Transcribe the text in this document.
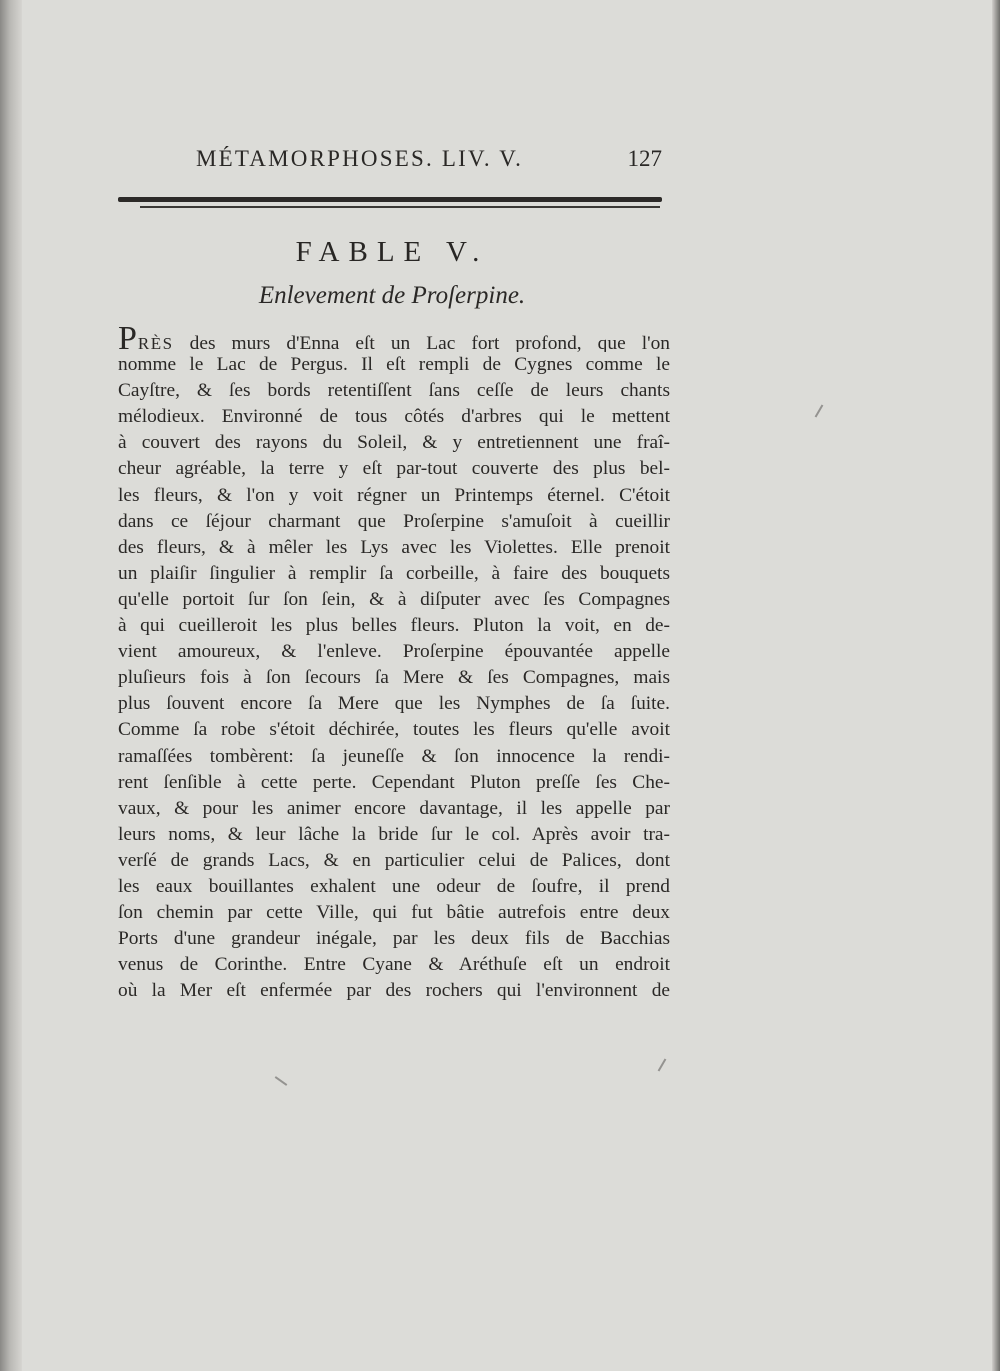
MÉTAMORPHOSES. LIV. V.	127
FABLE V.
Enlevement de Proſerpine.
PRÈS des murs d'Enna eſt un Lac fort profond, que l'on
nomme le Lac de Pergus. Il eſt rempli de Cygnes comme le
Cayſtre, & ſes bords retentiſſent ſans ceſſe de leurs chants
mélodieux. Environné de tous côtés d'arbres qui le mettent
à couvert des rayons du Soleil, & y entretiennent une fraî-
cheur agréable, la terre y eſt par-tout couverte des plus bel-
les fleurs, & l'on y voit régner un Printemps éternel. C'étoit
dans ce ſéjour charmant que Proſerpine s'amuſoit à cueillir
des fleurs, & à mêler les Lys avec les Violettes. Elle prenoit
un plaiſir ſingulier à remplir ſa corbeille, à faire des bouquets
qu'elle portoit ſur ſon ſein, & à diſputer avec ſes Compagnes
à qui cueilleroit les plus belles fleurs. Pluton la voit, en de-
vient amoureux, & l'enleve. Proſerpine épouvantée appelle
pluſieurs fois à ſon ſecours ſa Mere & ſes Compagnes, mais
plus ſouvent encore ſa Mere que les Nymphes de ſa ſuite.
Comme ſa robe s'étoit déchirée, toutes les fleurs qu'elle avoit
ramaſſées tombèrent: ſa jeuneſſe & ſon innocence la rendi-
rent ſenſible à cette perte. Cependant Pluton preſſe ſes Che-
vaux, & pour les animer encore davantage, il les appelle par
leurs noms, & leur lâche la bride ſur le col. Après avoir tra-
verſé de grands Lacs, & en particulier celui de Palices, dont
les eaux bouillantes exhalent une odeur de ſoufre, il prend
ſon chemin par cette Ville, qui fut bâtie autrefois entre deux
Ports d'une grandeur inégale, par les deux fils de Bacchias
venus de Corinthe. Entre Cyane & Aréthuſe eſt un endroit
où la Mer eſt enfermée par des rochers qui l'environnent de
